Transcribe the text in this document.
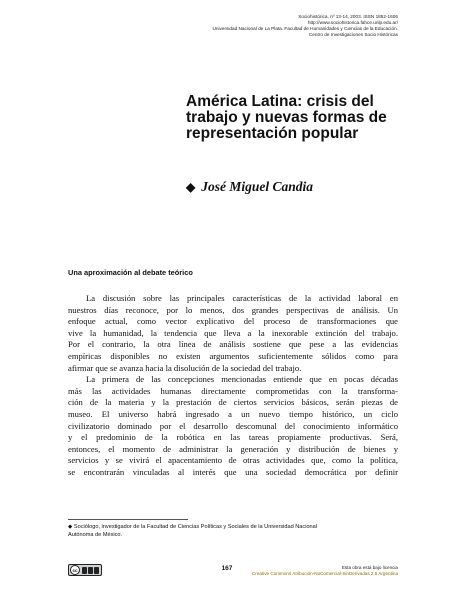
Sociohistórica, nº 13-14, 2003. ISSN 1852-1606
http://www.sociohistorica.fahce.unlp.edu.ar/
Universidad Nacional de La Plata. Facultad de Humanidades y Ciencias de la Educación.
Centro de Investigaciones Socio Históricas
América Latina: crisis del
trabajo y nuevas formas de
representación popular
◆ José Miguel Candia
Una aproximación al debate teórico
La discusión sobre las principales características de la actividad laboral en
nuestros días reconoce, por lo menos, dos grandes perspectivas de análisis. Un
enfoque actual, como vector explicativo del proceso de transformaciones que
vive la humanidad, la tendencia que lleva a la inexorable extinción del trabajo.
Por el contrario, la otra línea de análisis sostiene que pese a las evidencias
empíricas disponibles no existen argumentos suficientemente sólidos como para
afirmar que se avanza hacia la disolución de la sociedad del trabajo.
La primera de las concepciones mencionadas entiende que en pocas décadas
más las actividades humanas directamente comprometidas con la transforma-
ción de la materia y la prestación de ciertos servicios básicos, serán piezas de
museo. El universo habrá ingresado a un nuevo tiempo histórico, un ciclo
civilizatorio dominado por el desarrollo descomunal del conocimiento informático
y el predominio de la robótica en las tareas propiamente productivas. Será,
entonces, el momento de administrar la generación y distribución de bienes y
servicios y se vivirá el apacentamiento de otras actividades que, como la política,
se encontrarán vinculadas al interés que una sociedad democrática por definir
◆ Sociólogo, investigador de la Facultad de Ciencias Políticas y Sociales de la Universidad Nacional
Autónoma de México.
cc	167	Esta obra está bajo licencia
Creative Commons Atribución-NoComercial-SinDerivadas 2.5 Argentina
